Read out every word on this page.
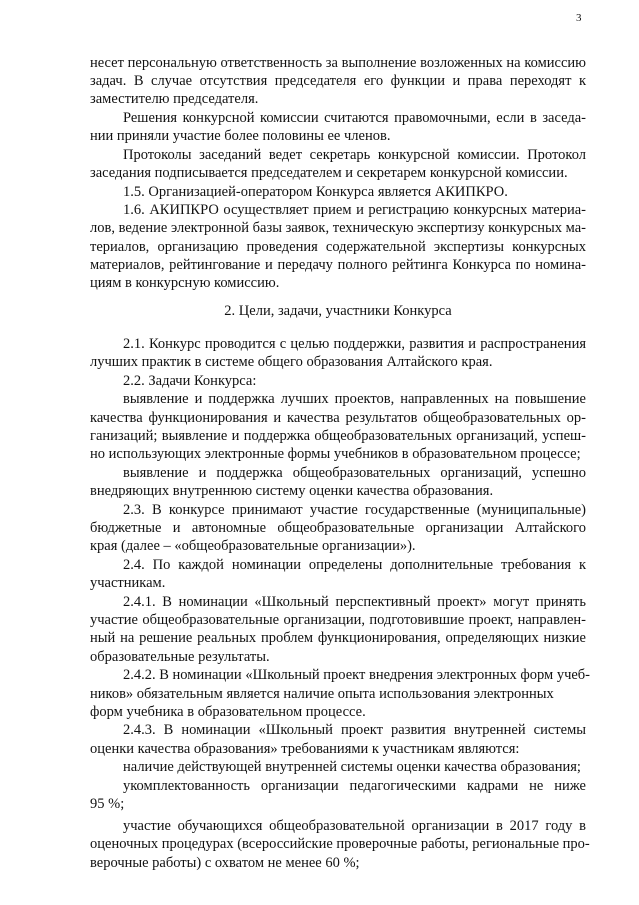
3
несет персональную ответственность за выполнение возложенных на комиссию
задач. В случае отсутствия председателя его функции и права переходят к
заместителю председателя.
Решения конкурсной комиссии считаются правомочными, если в заседа-
нии приняли участие более половины ее членов.
Протоколы заседаний ведет секретарь конкурсной комиссии. Протокол
заседания подписывается председателем и секретарем конкурсной комиссии.
1.5. Организацией-оператором Конкурса является АКИПКРО.
1.6. АКИПКРО осуществляет прием и регистрацию конкурсных материа-
лов, ведение электронной базы заявок, техническую экспертизу конкурсных ма-
териалов, организацию проведения содержательной экспертизы конкурсных
материалов, рейтингование и передачу полного рейтинга Конкурса по номина-
циям в конкурсную комиссию.
2. Цели, задачи, участники Конкурса
2.1. Конкурс проводится с целью поддержки, развития и распространения
лучших практик в системе общего образования Алтайского края.
2.2. Задачи Конкурса:
выявление и поддержка лучших проектов, направленных на повышение
качества функционирования и качества результатов общеобразовательных ор-
ганизаций; выявление и поддержка общеобразовательных организаций, успеш-
но использующих электронные формы учебников в образовательном процессе;
выявление и поддержка общеобразовательных организаций, успешно
внедряющих внутреннюю систему оценки качества образования.
2.3. В конкурсе принимают участие государственные (муниципальные)
бюджетные и автономные общеобразовательные организации Алтайского
края (далее – «общеобразовательные организации»).
2.4. По каждой номинации определены дополнительные требования к
участникам.
2.4.1. В номинации «Школьный перспективный проект» могут принять
участие общеобразовательные организации, подготовившие проект, направлен-
ный на решение реальных проблем функционирования, определяющих низкие
образовательные результаты.
2.4.2. В номинации «Школьный проект внедрения электронных форм учеб-
ников» обязательным является наличие опыта использования электронных
форм учебника в образовательном процессе.
2.4.3. В номинации «Школьный проект развития внутренней системы
оценки качества образования» требованиями к участникам являются:
наличие действующей внутренней системы оценки качества образования;
укомплектованность организации педагогическими кадрами не ниже
95 %;
участие обучающихся общеобразовательной организации в 2017 году в
оценочных процедурах (всероссийские проверочные работы, региональные про-
верочные работы) с охватом не менее 60 %;
